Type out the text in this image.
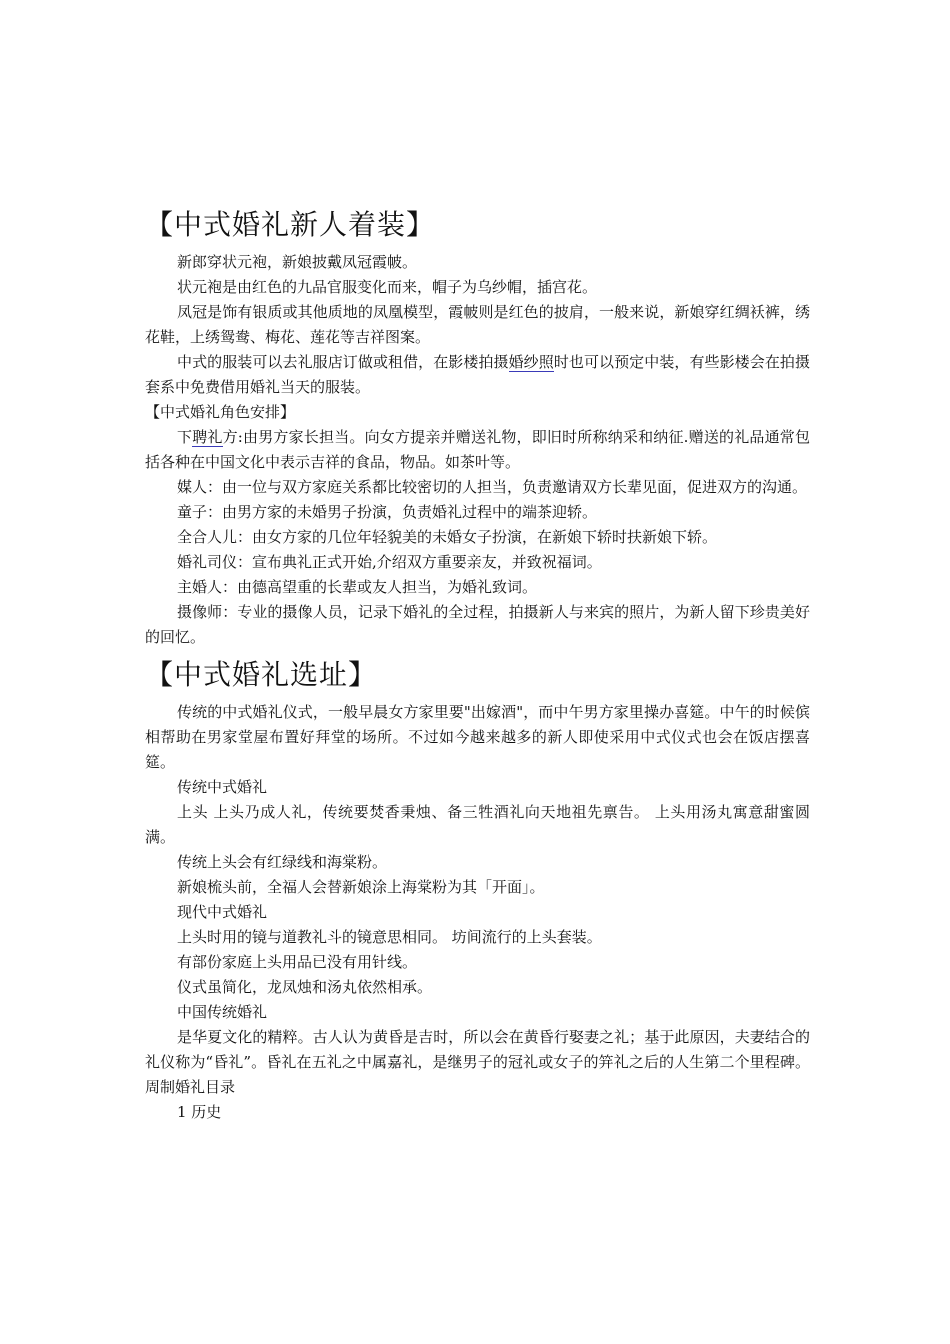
【中式婚礼新人着装】

新郎穿状元袍，新娘披戴凤冠霞帔。

状元袍是由红色的九品官服变化而来，帽子为乌纱帽，插宫花。

凤冠是饰有银质或其他质地的凤凰模型，霞帔则是红色的披肩，一般来说，新娘穿红绸袄裤，绣花鞋，上绣鸳鸯、梅花、莲花等吉祥图案。

中式的服装可以去礼服店订做或租借，在影楼拍摄婚纱照时也可以预定中装，有些影楼会在拍摄套系中免费借用婚礼当天的服装。

【中式婚礼角色安排】

下聘礼方:由男方家长担当。向女方提亲并赠送礼物，即旧时所称纳采和纳征.赠送的礼品通常包括各种在中国文化中表示吉祥的食品，物品。如茶叶等。

媒人：由一位与双方家庭关系都比较密切的人担当，负责邀请双方长辈见面，促进双方的沟通。

童子：由男方家的未婚男子扮演，负责婚礼过程中的端茶迎轿。

全合人儿：由女方家的几位年轻貌美的未婚女子扮演，在新娘下轿时扶新娘下轿。

婚礼司仪：宣布典礼正式开始,介绍双方重要亲友，并致祝福词。

主婚人：由德高望重的长辈或友人担当，为婚礼致词。

摄像师：专业的摄像人员，记录下婚礼的全过程，拍摄新人与来宾的照片，为新人留下珍贵美好的回忆。

【中式婚礼选址】

传统的中式婚礼仪式，一般早晨女方家里要"出嫁酒"，而中午男方家里操办喜筵。中午的时候傧相帮助在男家堂屋布置好拜堂的场所。不过如今越来越多的新人即使采用中式仪式也会在饭店摆喜筵。

传统中式婚礼

上头 上头乃成人礼，传统要焚香秉烛、备三牲酒礼向天地祖先禀告。 上头用汤丸寓意甜蜜圆满。

传统上头会有红绿线和海棠粉。

新娘梳头前，全福人会替新娘涂上海棠粉为其「开面」。

现代中式婚礼

上头时用的镜与道教礼斗的镜意思相同。 坊间流行的上头套装。

有部份家庭上头用品已没有用针线。

仪式虽简化，龙凤烛和汤丸依然相承。

中国传统婚礼

是华夏文化的精粹。古人认为黄昏是吉时，所以会在黄昏行娶妻之礼；基于此原因，夫妻结合的礼仪称为“昏礼”。昏礼在五礼之中属嘉礼，是继男子的冠礼或女子的笄礼之后的人生第二个里程碑。 周制婚礼目录

1 历史
